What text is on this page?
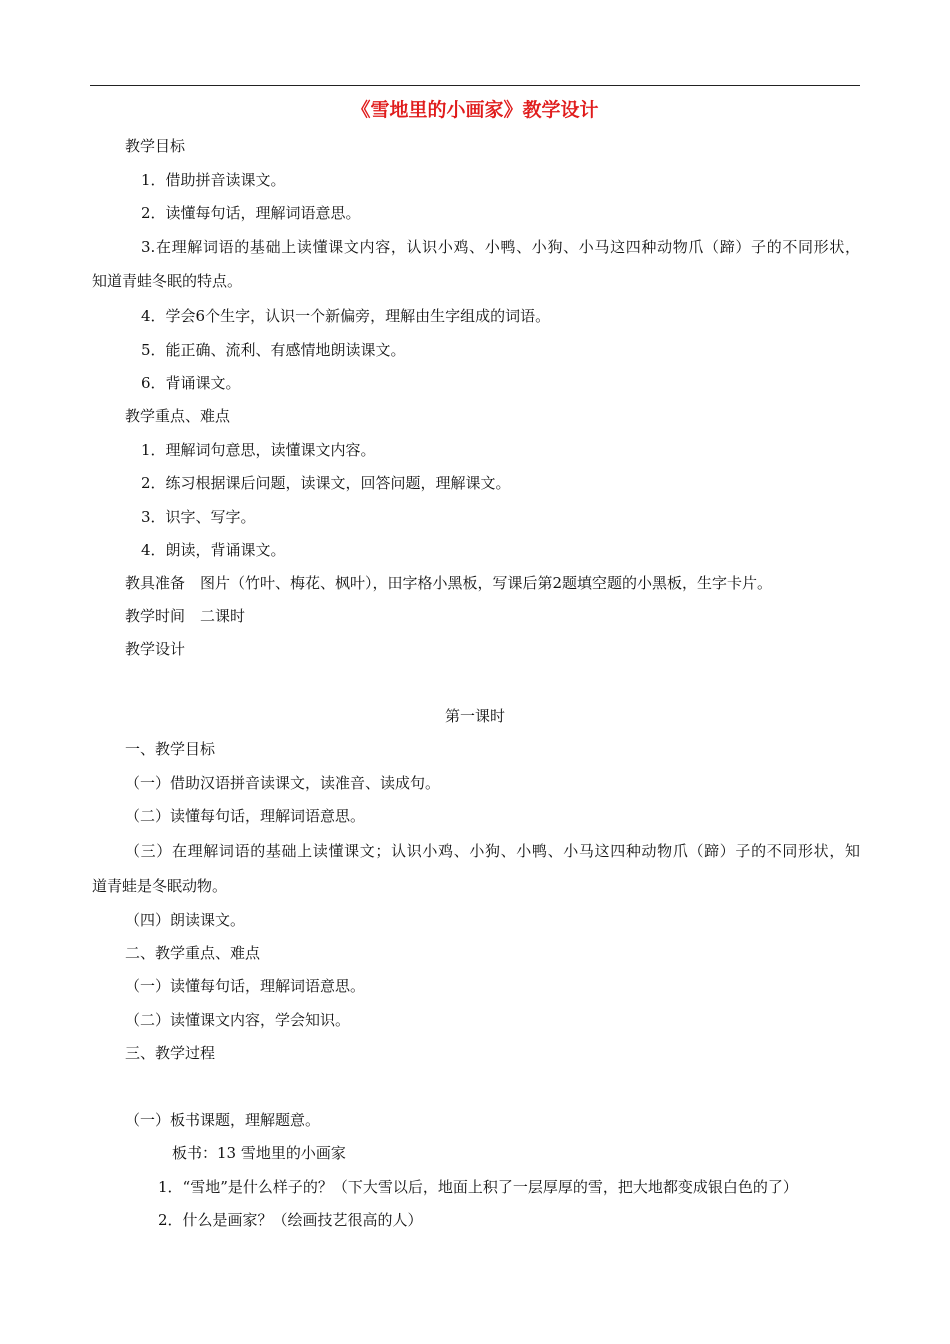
《雪地里的小画家》教学设计
教学目标
1．借助拼音读课文。
2．读懂每句话，理解词语意思。
3.在理解词语的基础上读懂课文内容，认识小鸡、小鸭、小狗、小马这四种动物爪（蹄）子的不同形状，
知道青蛙冬眠的特点。
4．学会6个生字，认识一个新偏旁，理解由生字组成的词语。
5．能正确、流利、有感情地朗读课文。
6．背诵课文。
教学重点、难点
1．理解词句意思，读懂课文内容。
2．练习根据课后问题，读课文，回答问题，理解课文。
3．识字、写字。
4．朗读，背诵课文。
教具准备　图片（竹叶、梅花、枫叶），田字格小黑板，写课后第2题填空题的小黑板，生字卡片。
教学时间　二课时
教学设计
第一课时
一、教学目标
（一）借助汉语拼音读课文，读准音、读成句。
（二）读懂每句话，理解词语意思。
（三）在理解词语的基础上读懂课文；认识小鸡、小狗、小鸭、小马这四种动物爪（蹄）子的不同形状，知
道青蛙是冬眠动物。
（四）朗读课文。
二、教学重点、难点
（一）读懂每句话，理解词语意思。
（二）读懂课文内容，学会知识。
三、教学过程
（一）板书课题，理解题意。
板书：13 雪地里的小画家
1．“雪地”是什么样子的？（下大雪以后，地面上积了一层厚厚的雪，把大地都变成银白色的了）
2．什么是画家？（绘画技艺很高的人）
